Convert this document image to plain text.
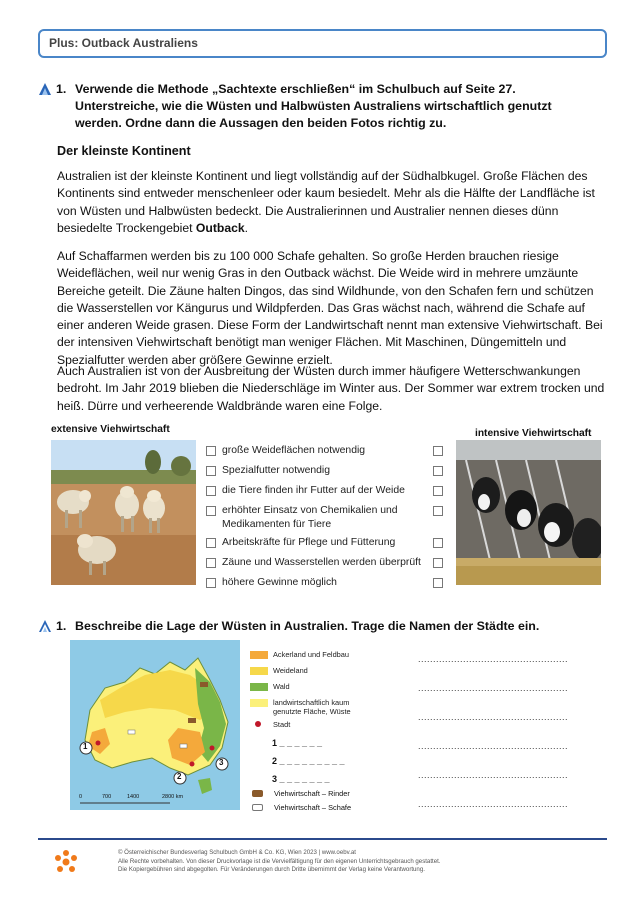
Plus: Outback Australiens
1. Verwende die Methode „Sachtexte erschließen“ im Schulbuch auf Seite 27. Unterstreiche, wie die Wüsten und Halbwüsten Australiens wirtschaftlich genutzt werden. Ordne dann die Aussagen den beiden Fotos richtig zu.
Der kleinste Kontinent
Australien ist der kleinste Kontinent und liegt vollständig auf der Südhalbkugel. Große Flächen des Kontinents sind entweder menschenleer oder kaum besiedelt. Mehr als die Hälfte der Landfläche ist von Wüsten und Halbwüsten bedeckt. Die Australierinnen und Australier nennen dieses dünn besiedelte Trockengebiet Outback.
Auf Schaffarmen werden bis zu 100 000 Schafe gehalten. So große Herden brauchen riesige Weideflächen, weil nur wenig Gras in den Outback wächst. Die Weide wird in mehrere umzäunte Bereiche geteilt. Die Zäune halten Dingos, das sind Wildhunde, von den Schafen fern und schützen die Wasserstellen vor Kängurus und Wildpferden. Das Gras wächst nach, während die Schafe auf einer anderen Weide grasen. Diese Form der Landwirtschaft nennt man extensive Viehwirtschaft. Bei der intensiven Viehwirtschaft benötigt man weniger Flächen. Mit Maschinen, Düngemitteln und Spezialfutter werden aber größere Gewinne erzielt.
Auch Australien ist von der Ausbreitung der Wüsten durch immer häufigere Wetterschwankungen bedroht. Im Jahr 2019 blieben die Niederschläge im Winter aus. Der Sommer war extrem trocken und heiß. Dürre und verheerende Waldbrände waren eine Folge.
extensive Viehwirtschaft	intensive Viehwirtschaft
große Weideflächen notwendig
Spezialfutter notwendig
die Tiere finden ihr Futter auf der Weide
erhöhter Einsatz von Chemikalien und Medikamenten für Tiere
Arbeitskräfte für Pflege und Fütterung
Zäune und Wasserstellen werden überprüft
höhere Gewinne möglich
1. Beschreibe die Lage der Wüsten in Australien. Trage die Namen der Städte ein.
1
2
3
0	700	1400	2800 km
Ackerland und Feldbau
Weideland
Wald
landwirtschaftlich kaum genutzte Fläche, Wüste
Stadt
1 _ _ _ _ _ _
2 _ _ _ _ _ _ _ _ _
3 _ _ _ _ _ _ _
Viehwirtschaft – Rinder
Viehwirtschaft – Schafe
..................................................
..................................................
..................................................
..................................................
..................................................
..................................................
© Österreichischer Bundesverlag Schulbuch GmbH & Co. KG, Wien 2023 | www.oebv.at
Alle Rechte vorbehalten. Von dieser Druckvorlage ist die Vervielfältigung für den eigenen Unterrichtsgebrauch gestattet.
Die Kopiergebühren sind abgegolten. Für Veränderungen durch Dritte übernimmt der Verlag keine Verantwortung.
